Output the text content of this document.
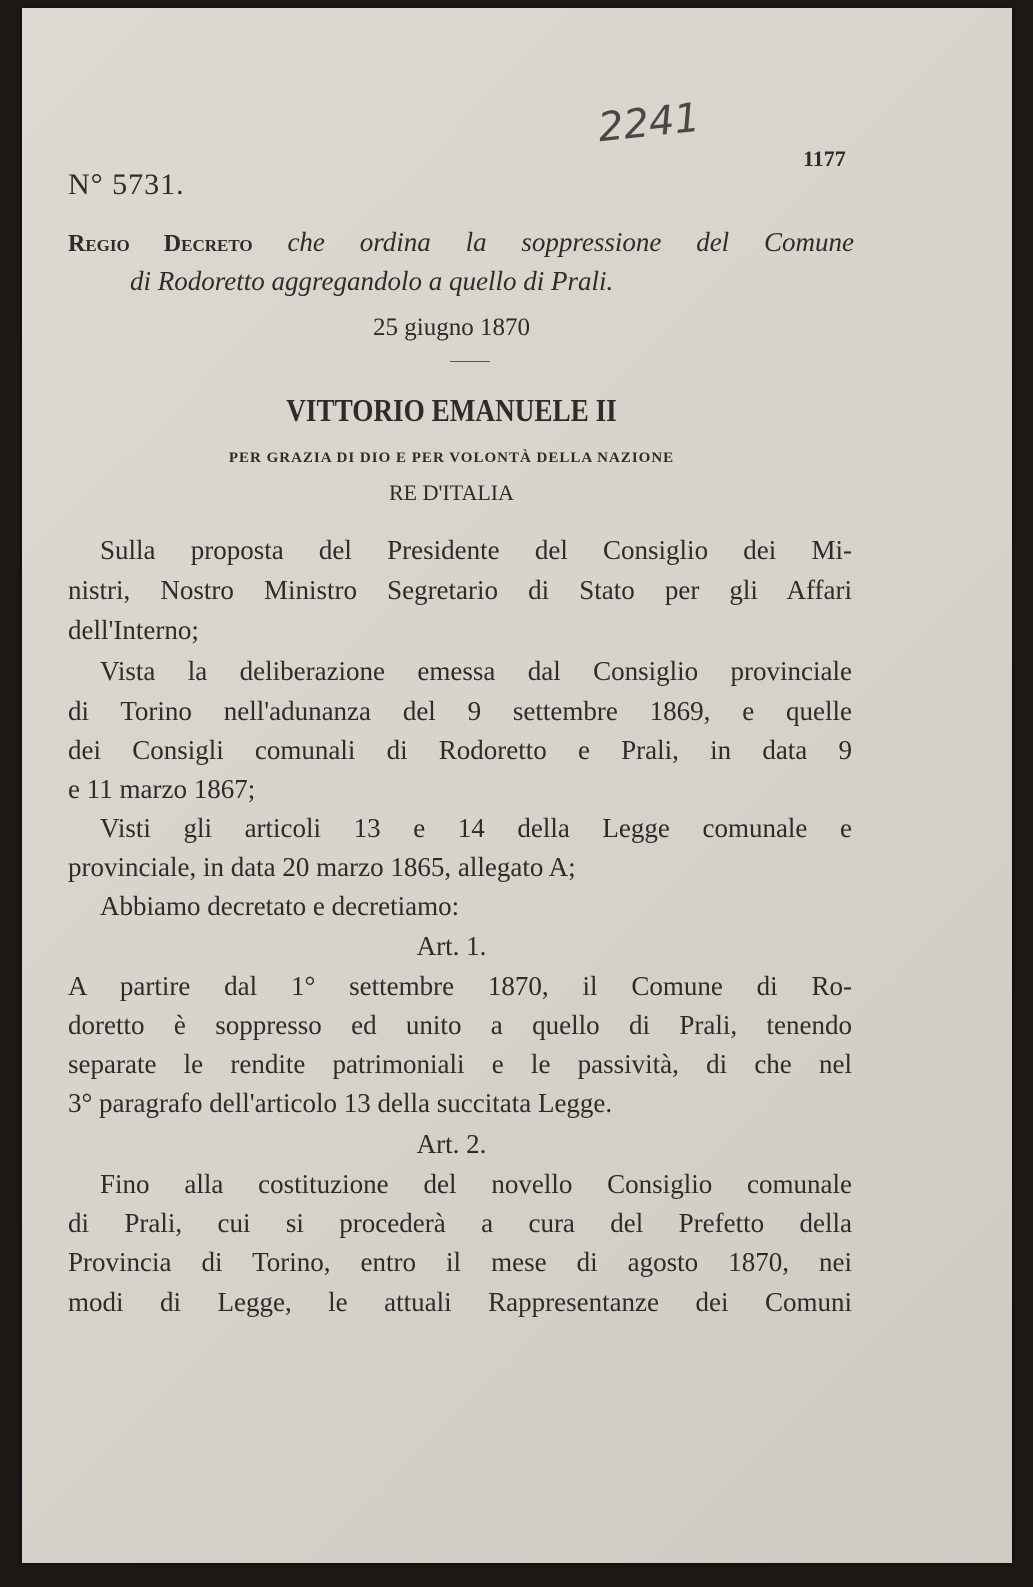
2241
1177
N° 5731.
Regio Decreto che ordina la soppressione del Comune
di Rodoretto aggregandolo a quello di Prali.
25 giugno 1870
VITTORIO EMANUELE II
PER GRAZIA DI DIO E PER VOLONTÀ DELLA NAZIONE
RE D'ITALIA
Sulla proposta del Presidente del Consiglio dei Mi-
nistri, Nostro Ministro Segretario di Stato per gli Affari
dell'Interno;
Vista la deliberazione emessa dal Consiglio provinciale
di Torino nell'adunanza del 9 settembre 1869, e quelle
dei Consigli comunali di Rodoretto e Prali, in data 9
e 11 marzo 1867;
Visti gli articoli 13 e 14 della Legge comunale e
provinciale, in data 20 marzo 1865, allegato A;
Abbiamo decretato e decretiamo:
Art. 1.
A partire dal 1° settembre 1870, il Comune di Ro-
doretto è soppresso ed unito a quello di Prali, tenendo
separate le rendite patrimoniali e le passività, di che nel
3° paragrafo dell'articolo 13 della succitata Legge.
Art. 2.
Fino alla costituzione del novello Consiglio comunale
di Prali, cui si procederà a cura del Prefetto della
Provincia di Torino, entro il mese di agosto 1870, nei
modi di Legge, le attuali Rappresentanze dei Comuni
